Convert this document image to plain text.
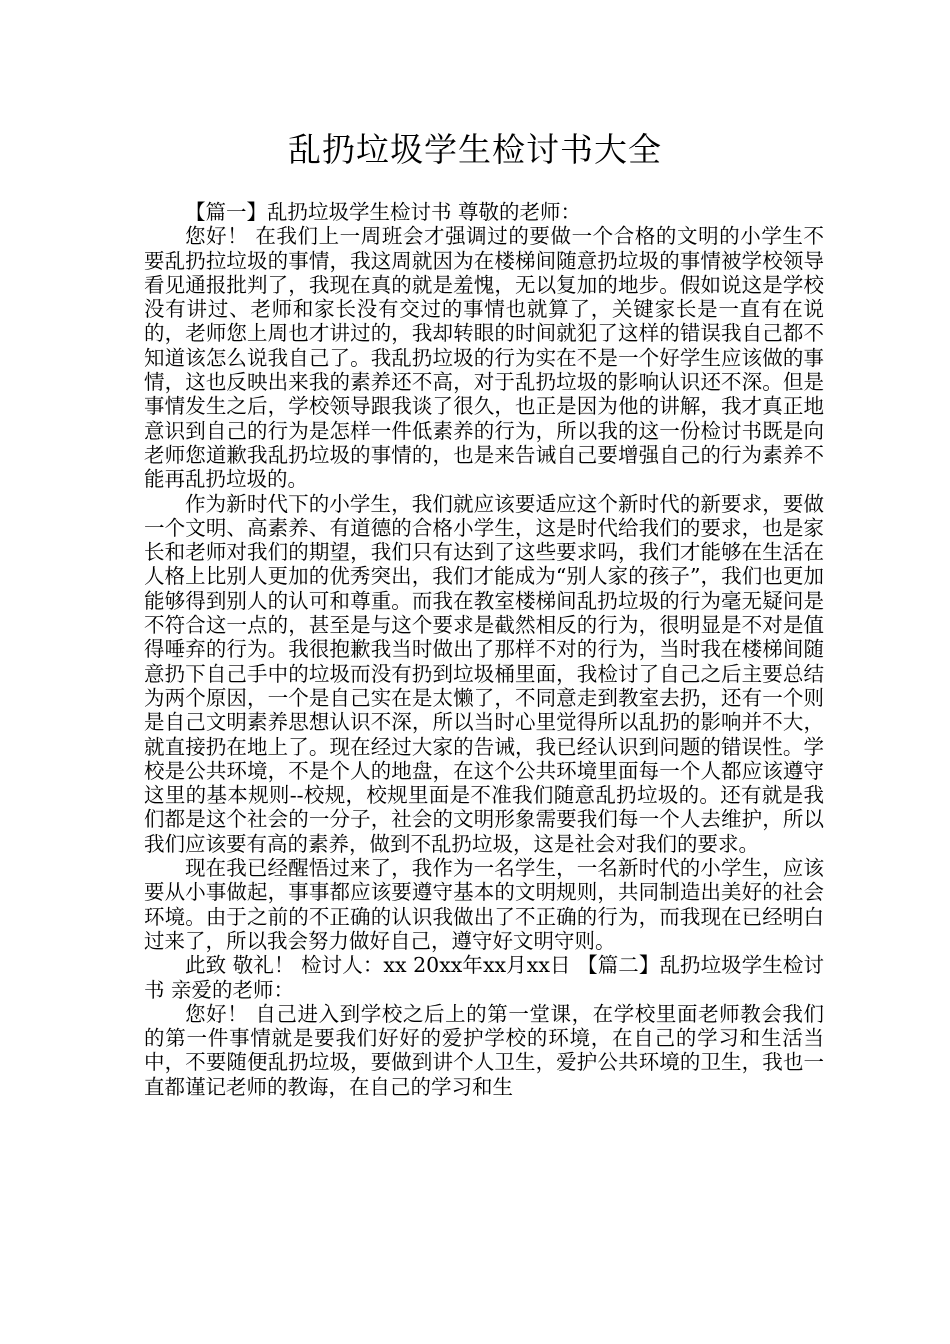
乱扔垃圾学生检讨书大全

【篇一】乱扔垃圾学生检讨书 尊敬的老师：

您好！ 在我们上一周班会才强调过的要做一个合格的文明的小学生不要乱扔拉垃圾的事情，我这周就因为在楼梯间随意扔垃圾的事情被学校领导看见通报批判了，我现在真的就是羞愧，无以复加的地步。假如说这是学校没有讲过、老师和家长没有交过的事情也就算了，关键家长是一直有在说的，老师您上周也才讲过的，我却转眼的时间就犯了这样的错误我自己都不知道该怎么说我自己了。我乱扔垃圾的行为实在不是一个好学生应该做的事情，这也反映出来我的素养还不高，对于乱扔垃圾的影响认识还不深。但是事情发生之后，学校领导跟我谈了很久，也正是因为他的讲解，我才真正地意识到自己的行为是怎样一件低素养的行为，所以我的这一份检讨书既是向老师您道歉我乱扔垃圾的事情的，也是来告诫自己要增强自己的行为素养不能再乱扔垃圾的。

作为新时代下的小学生，我们就应该要适应这个新时代的新要求，要做一个文明、高素养、有道德的合格小学生，这是时代给我们的要求，也是家长和老师对我们的期望，我们只有达到了这些要求吗，我们才能够在生活在人格上比别人更加的优秀突出，我们才能成为“别人家的孩子”，我们也更加能够得到别人的认可和尊重。而我在教室楼梯间乱扔垃圾的行为毫无疑问是不符合这一点的，甚至是与这个要求是截然相反的行为，很明显是不对是值得唾弃的行为。我很抱歉我当时做出了那样不对的行为，当时我在楼梯间随意扔下自己手中的垃圾而没有扔到垃圾桶里面，我检讨了自己之后主要总结为两个原因，一个是自己实在是太懒了，不同意走到教室去扔，还有一个则是自己文明素养思想认识不深，所以当时心里觉得所以乱扔的影响并不大，就直接扔在地上了。现在经过大家的告诫，我已经认识到问题的错误性。学校是公共环境，不是个人的地盘，在这个公共环境里面每一个人都应该遵守这里的基本规则--校规，校规里面是不准我们随意乱扔垃圾的。还有就是我们都是这个社会的一分子，社会的文明形象需要我们每一个人去维护，所以我们应该要有高的素养，做到不乱扔垃圾，这是社会对我们的要求。

现在我已经醒悟过来了，我作为一名学生，一名新时代的小学生，应该要从小事做起，事事都应该要遵守基本的文明规则，共同制造出美好的社会环境。由于之前的不正确的认识我做出了不正确的行为，而我现在已经明白过来了，所以我会努力做好自己，遵守好文明守则。

此致 敬礼！ 检讨人：xx 20xx年xx月xx日 【篇二】乱扔垃圾学生检讨书 亲爱的老师：

您好！ 自己进入到学校之后上的第一堂课，在学校里面老师教会我们的第一件事情就是要我们好好的爱护学校的环境，在自己的学习和生活当中，不要随便乱扔垃圾，要做到讲个人卫生，爱护公共环境的卫生，我也一直都谨记老师的教诲，在自己的学习和生
